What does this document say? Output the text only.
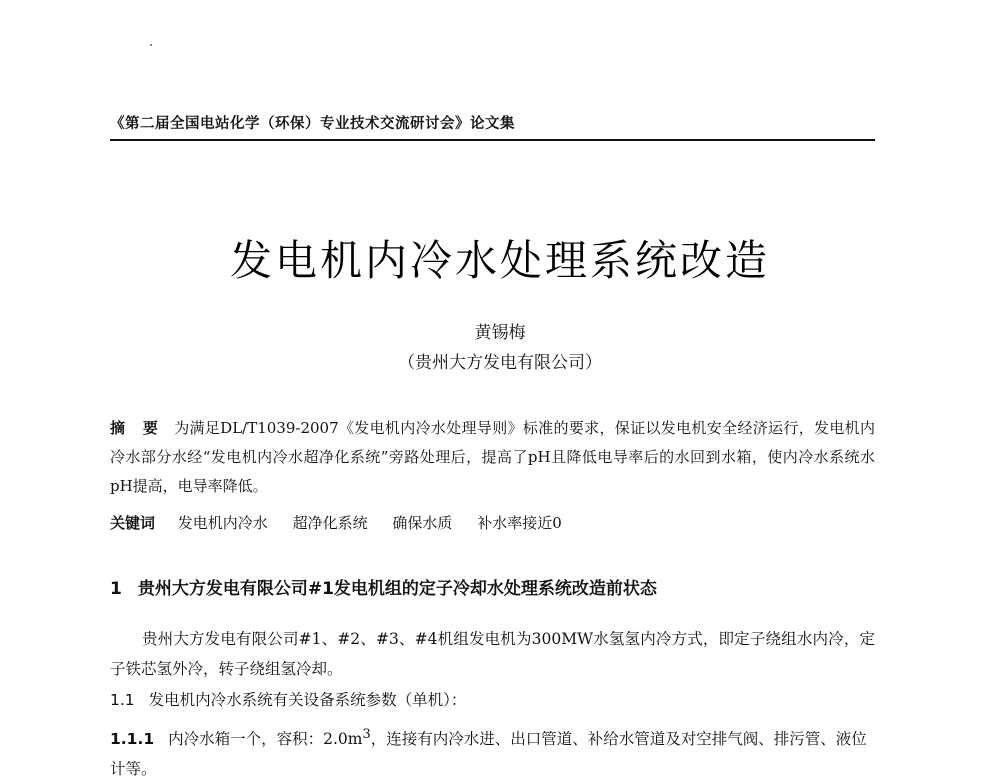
《第二届全国电站化学（环保）专业技术交流研讨会》论文集
发电机内冷水处理系统改造
黄锡梅
（贵州大方发电有限公司）
摘 要 为满足DL/T1039-2007《发电机内冷水处理导则》标准的要求，保证以发电机安全经济运行，发电机内冷水部分水经“发电机内冷水超净化系统”旁路处理后，提高了pH且降低电导率后的水回到水箱，使内冷水系统水pH提高，电导率降低。
关键词 发电机内冷水 超净化系统 确保水质 补水率接近0
1 贵州大方发电有限公司#1发电机组的定子冷却水处理系统改造前状态
贵州大方发电有限公司#1、#2、#3、#4机组发电机为300MW水氢氢内冷方式，即定子绕组水内冷，定子铁芯氢外冷，转子绕组氢冷却。
1.1 发电机内冷水系统有关设备系统参数（单机）：
1.1.1 内冷水箱一个，容积：$2.0m^3$，连接有内冷水进、出口管道、补给水管道及对空排气阀、排污管、液位计等。
